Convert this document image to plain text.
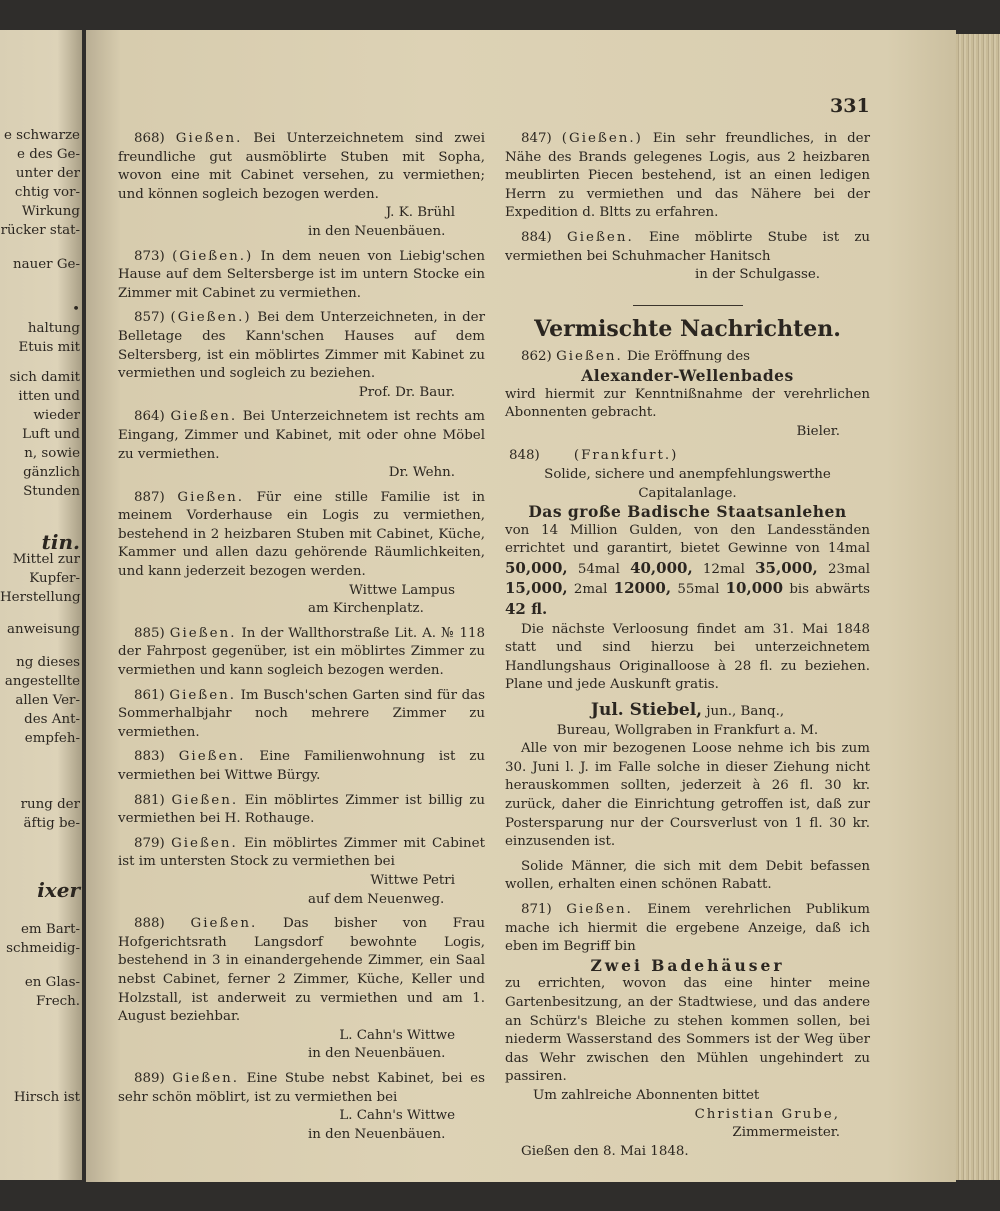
e schwarze
e des Ge-
unter der
chtig vor-
Wirkung
rücker stat-
nauer Ge-
•
haltung
Etuis mit
sich damit
itten und
wieder
Luft und
n, sowie
gänzlich
Stunden
tin.
Mittel zur
Kupfer-
Herstellung
anweisung
ng dieses
angestellte
allen Ver-
des Ant-
empfeh-
rung der
äftig be-
ixer
em Bart-
schmeidig-
en Glas-
Frech.
Hirsch ist
331
868) Gießen. Bei Unterzeichnetem sind zwei freundliche gut ausmöblirte Stuben mit Sopha, wovon eine mit Cabinet versehen, zu vermiethen; und können sogleich bezogen werden.
J. K. Brühl
in den Neuenbäuen.
873) (Gießen.) In dem neuen von Liebig'schen Hause auf dem Seltersberge ist im untern Stocke ein Zimmer mit Cabinet zu vermiethen.
857) (Gießen.) Bei dem Unterzeichneten, in der Belletage des Kann'schen Hauses auf dem Seltersberg, ist ein möblirtes Zimmer mit Kabinet zu vermiethen und sogleich zu beziehen.
Prof. Dr. Baur.
864) Gießen. Bei Unterzeichnetem ist rechts am Eingang, Zimmer und Kabinet, mit oder ohne Möbel zu vermiethen.
Dr. Wehn.
887) Gießen. Für eine stille Familie ist in meinem Vorderhause ein Logis zu vermiethen, bestehend in 2 heizbaren Stuben mit Cabinet, Küche, Kammer und allen dazu gehörende Räumlichkeiten, und kann jederzeit bezogen werden.
Wittwe Lampus
am Kirchenplatz.
885) Gießen. In der Wallthorstraße Lit. A. № 118 der Fahrpost gegenüber, ist ein möblirtes Zimmer zu vermiethen und kann sogleich bezogen werden.
861) Gießen. Im Busch'schen Garten sind für das Sommerhalbjahr noch mehrere Zimmer zu vermiethen.
883) Gießen. Eine Familienwohnung ist zu vermiethen bei Wittwe Bürgy.
881) Gießen. Ein möblirtes Zimmer ist billig zu vermiethen bei H. Rothauge.
879) Gießen. Ein möblirtes Zimmer mit Cabinet ist im untersten Stock zu vermiethen bei
Wittwe Petri
auf dem Neuenweg.
888) Gießen. Das bisher von Frau Hofgerichtsrath Langsdorf bewohnte Logis, bestehend in 3 in einandergehende Zimmer, ein Saal nebst Cabinet, ferner 2 Zimmer, Küche, Keller und Holzstall, ist anderweit zu vermiethen und am 1. August beziehbar.
L. Cahn's Wittwe
in den Neuenbäuen.
889) Gießen. Eine Stube nebst Kabinet, bei es sehr schön möblirt, ist zu vermiethen bei
L. Cahn's Wittwe
in den Neuenbäuen.
847) (Gießen.) Ein sehr freundliches, in der Nähe des Brands gelegenes Logis, aus 2 heizbaren meublirten Piecen bestehend, ist an einen ledigen Herrn zu vermiethen und das Nähere bei der Expedition d. Bltts zu erfahren.
884) Gießen. Eine möblirte Stube ist zu vermiethen bei Schuhmacher Hanitsch
in der Schulgasse.
Vermischte Nachrichten.
862) Gießen. Die Eröffnung des
Alexander-Wellenbades
wird hiermit zur Kenntnißnahme der verehrlichen Abonnenten gebracht.
Bieler.
848)	(Frankfurt.)
Solide, sichere und anempfehlungswerthe Capitalanlage.
Das große Badische Staatsanlehen
von 14 Million Gulden, von den Landesständen errichtet und garantirt, bietet Gewinne von 14mal 50,000, 54mal 40,000, 12mal 35,000, 23mal 15,000, 2mal 12000, 55mal 10,000 bis abwärts 42 fl.
Die nächste Verloosung findet am 31. Mai 1848 statt und sind hierzu bei unterzeichnetem Handlungshaus Originalloose à 28 fl. zu beziehen. Plane und jede Auskunft gratis.
Jul. Stiebel, jun., Banq.,
Bureau, Wollgraben in Frankfurt a. M.
Alle von mir bezogenen Loose nehme ich bis zum 30. Juni l. J. im Falle solche in dieser Ziehung nicht herauskommen sollten, jederzeit à 26 fl. 30 kr. zurück, daher die Einrichtung getroffen ist, daß zur Postersparung nur der Coursverlust von 1 fl. 30 kr. einzusenden ist.
Solide Männer, die sich mit dem Debit befassen wollen, erhalten einen schönen Rabatt.
871) Gießen. Einem verehrlichen Publikum mache ich hiermit die ergebene Anzeige, daß ich eben im Begriff bin
Zwei Badehäuser
zu errichten, wovon das eine hinter meine Gartenbesitzung, an der Stadtwiese, und das andere an Schürz's Bleiche zu stehen kommen sollen, bei niederm Wasserstand des Sommers ist der Weg über das Wehr zwischen den Mühlen ungehindert zu passiren.
Um zahlreiche Abonnenten bittet
Christian Grube,
Zimmermeister.
Gießen den 8. Mai 1848.
